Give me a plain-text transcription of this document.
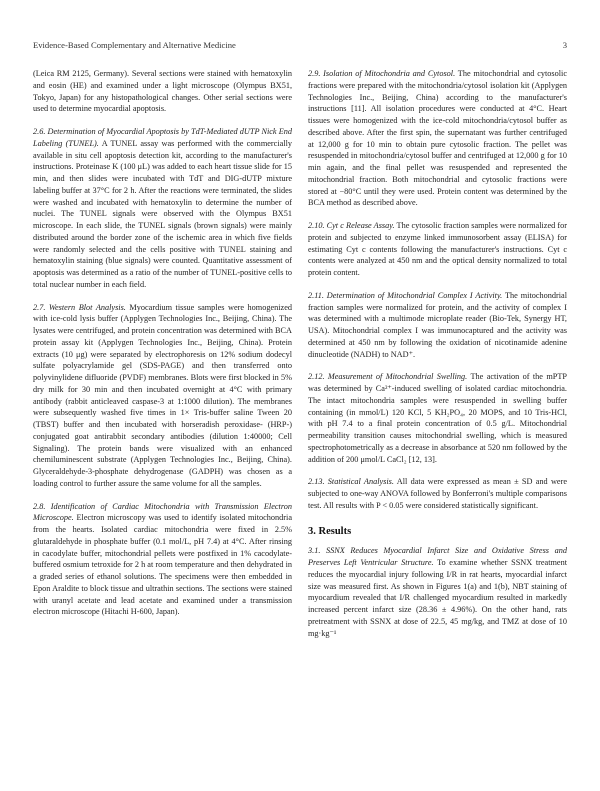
Evidence-Based Complementary and Alternative Medicine	3

(Leica RM 2125, Germany). Several sections were stained with hematoxylin and eosin (HE) and examined under a light microscope (Olympus BX51, Tokyo, Japan) for any histopathological changes. Other serial sections were used to determine myocardial apoptosis.

2.6. Determination of Myocardial Apoptosis by TdT-Mediated dUTP Nick End Labeling (TUNEL). A TUNEL assay was performed with the commercially available in situ cell apoptosis detection kit, according to the manufacturer's instructions. Proteinase K (100 μL) was added to each heart tissue slide for 15 min, and then slides were incubated with TdT and DIG-dUTP mixture labeling buffer at 37°C for 2 h. After the reactions were terminated, the slides were washed and incubated with hematoxylin to determine the number of nuclei. The TUNEL signals were observed with the Olympus BX51 microscope. In each slide, the TUNEL signals (brown signals) were mainly distributed around the border zone of the ischemic area in which five fields were randomly selected and the cells positive with TUNEL staining and hematoxylin staining (blue signals) were counted. Quantitative assessment of apoptosis was determined as a ratio of the number of TUNEL-positive cells to total nuclear number in each field.

2.7. Western Blot Analysis. Myocardium tissue samples were homogenized with ice-cold lysis buffer (Applygen Technologies Inc., Beijing, China). The lysates were centrifuged, and protein concentration was determined with BCA protein assay kit (Applygen Technologies Inc., Beijing, China). Protein extracts (10 μg) were separated by electrophoresis on 12% sodium dodecyl sulfate polyacrylamide gel (SDS-PAGE) and then transferred onto polyvinylidene difluoride (PVDF) membranes. Blots were first blocked in 5% dry milk for 30 min and then incubated overnight at 4°C with primary antibody (rabbit anticleaved caspase-3 at 1:1000 dilution). The membranes were subsequently washed five times in 1× Tris-buffer saline Tween 20 (TBST) buffer and then incubated with horseradish peroxidase- (HRP-) conjugated goat antirabbit secondary antibodies (dilution 1:40000; Cell Signaling). The protein bands were visualized with an enhanced chemiluminescent substrate (Applygen Technologies Inc., Beijing, China). Glyceraldehyde-3-phosphate dehydrogenase (GADPH) was chosen as a loading control to further assure the same volume for all the samples.

2.8. Identification of Cardiac Mitochondria with Transmission Electron Microscope. Electron microscopy was used to identify isolated mitochondria from the hearts. Isolated cardiac mitochondria were fixed in 2.5% glutaraldehyde in phosphate buffer (0.1 mol/L, pH 7.4) at 4°C. After rinsing in cacodylate buffer, mitochondrial pellets were postfixed in 1% cacodylate-buffered osmium tetroxide for 2 h at room temperature and then dehydrated in a graded series of ethanol solutions. The specimens were then embedded in Epon Araldite to block tissue and ultrathin sections. The sections were stained with uranyl acetate and lead acetate and examined under a transmission electron microscope (Hitachi H-600, Japan).

2.9. Isolation of Mitochondria and Cytosol. The mitochondrial and cytosolic fractions were prepared with the mitochondria/cytosol isolation kit (Applygen Technologies Inc., Beijing, China) according to the manufacturer's instructions [11]. All isolation procedures were conducted at 4°C. Heart tissues were homogenized with the ice-cold mitochondria/cytosol buffer as described above. After the first spin, the supernatant was further centrifuged at 12,000 g for 10 min to obtain pure cytosolic fraction. The pellet was resuspended in mitochondria/cytosol buffer and centrifuged at 12,000 g for 10 min again, and the final pellet was resuspended and represented the mitochondrial fraction. Both mitochondrial and cytosolic fractions were stored at −80°C until they were used. Protein content was determined by the BCA method as described above.

2.10. Cyt c Release Assay. The cytosolic fraction samples were normalized for protein and subjected to enzyme linked immunosorbent assay (ELISA) for estimating Cyt c contents following the manufacturer's instructions. Cyt c contents were analyzed at 450 nm and the optical density normalized to total protein content.

2.11. Determination of Mitochondrial Complex I Activity. The mitochondrial fraction samples were normalized for protein, and the activity of complex I was determined with a multimode microplate reader (Bio-Tek, Synergy HT, USA). Mitochondrial complex I was immunocaptured and the activity was determined at 450 nm by following the oxidation of nicotinamide adenine dinucleotide (NADH) to NAD⁺.

2.12. Measurement of Mitochondrial Swelling. The activation of the mPTP was determined by Ca²⁺-induced swelling of isolated cardiac mitochondria. The intact mitochondria samples were resuspended in swelling buffer containing (in mmol/L) 120 KCl, 5 KH₂PO₄, 20 MOPS, and 10 Tris-HCl, with pH 7.4 to a final protein concentration of 0.5 g/L. Mitochondrial permeability transition causes mitochondrial swelling, which is measured spectrophotometrically as a decrease in absorbance at 520 nm followed by the addition of 200 μmol/L CaCl₂ [12, 13].

2.13. Statistical Analysis. All data were expressed as mean ± SD and were subjected to one-way ANOVA followed by Bonferroni's multiple comparisons test. All results with P < 0.05 were considered statistically significant.

3. Results

3.1. SSNX Reduces Myocardial Infarct Size and Oxidative Stress and Preserves Left Ventricular Structure. To examine whether SSNX treatment reduces the myocardial injury following I/R in rat hearts, myocardial infarct size was measured first. As shown in Figures 1(a) and 1(b), NBT staining of myocardium revealed that I/R challenged myocardium resulted in markedly increased percent infarct size (28.36 ± 4.96%). On the other hand, rats pretreatment with SSNX at dose of 22.5, 45 mg/kg, and TMZ at dose of 10 mg·kg⁻¹
